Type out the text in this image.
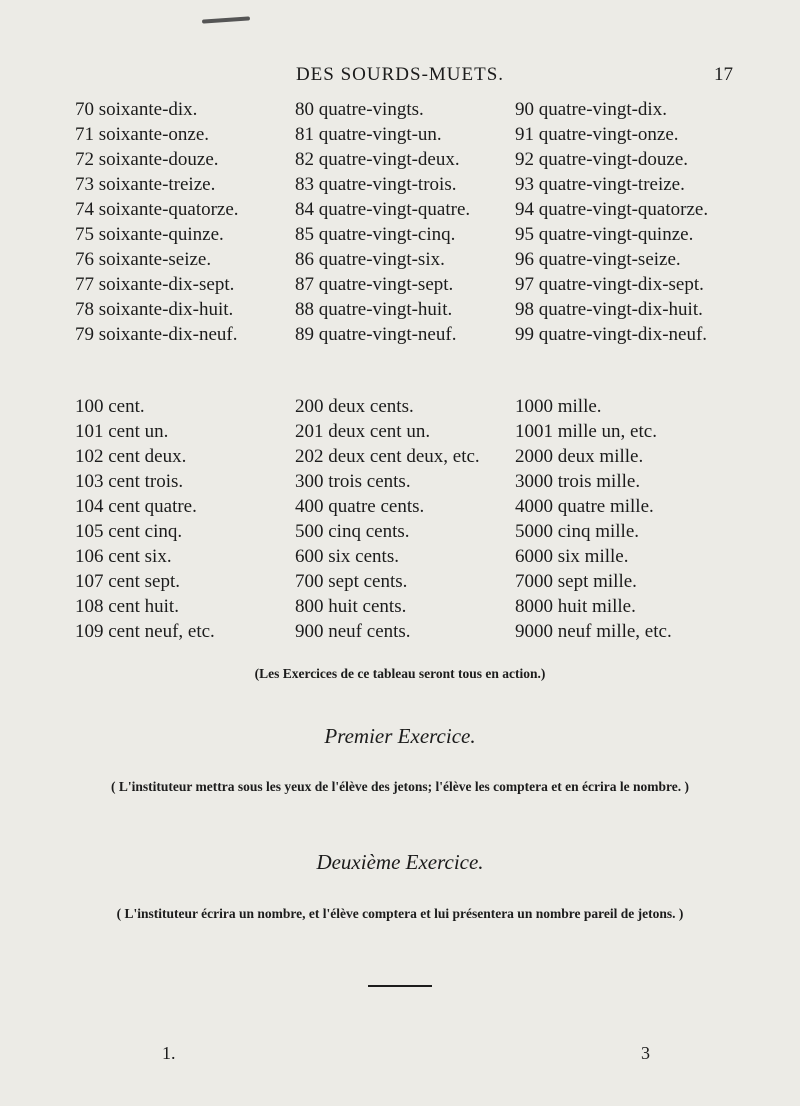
DES SOURDS-MUETS.	17
70 soixante-dix.	80 quatre-vingts.	90 quatre-vingt-dix.
71 soixante-onze.	81 quatre-vingt-un.	91 quatre-vingt-onze.
72 soixante-douze.	82 quatre-vingt-deux.	92 quatre-vingt-douze.
73 soixante-treize.	83 quatre-vingt-trois.	93 quatre-vingt-treize.
74 soixante-quatorze.	84 quatre-vingt-quatre. 94 quatre-vingt-quatorze.
75 soixante-quinze.	85 quatre-vingt-cinq.	95 quatre-vingt-quinze.
76 soixante-seize.	86 quatre-vingt-six.	96 quatre-vingt-seize.
77 soixante-dix-sept.	87 quatre-vingt-sept.	97 quatre-vingt-dix-sept.
78 soixante-dix-huit.	88 quatre-vingt-huit.	98 quatre-vingt-dix-huit.
79 soixante-dix-neuf.	89 quatre-vingt-neuf.	99 quatre-vingt-dix-neuf.
100 cent.	200 deux cents.	1000 mille.
101 cent un.	201 deux cent un.	1001 mille un, etc.
102 cent deux.	202 deux cent deux, etc. 2000 deux mille.
103 cent trois.	300 trois cents.	3000 trois mille.
104 cent quatre.	400 quatre cents.	4000 quatre mille.
105 cent cinq.	500 cinq cents.	5000 cinq mille.
106 cent six.	600 six cents.	6000 six mille.
107 cent sept.	700 sept cents.	7000 sept mille.
108 cent huit.	800 huit cents.	8000 huit mille.
109 cent neuf, etc.	900 neuf cents.	9000 neuf mille, etc.
(Les Exercices de ce tableau seront tous en action.)
Premier Exercice.
( L'instituteur mettra sous les yeux de l'élève des jetons; l'élève les comptera et en écrira le nombre. )
Deuxième Exercice.
( L'instituteur écrira un nombre, et l'élève comptera et lui présentera un nombre pareil de jetons. )
1.	3
